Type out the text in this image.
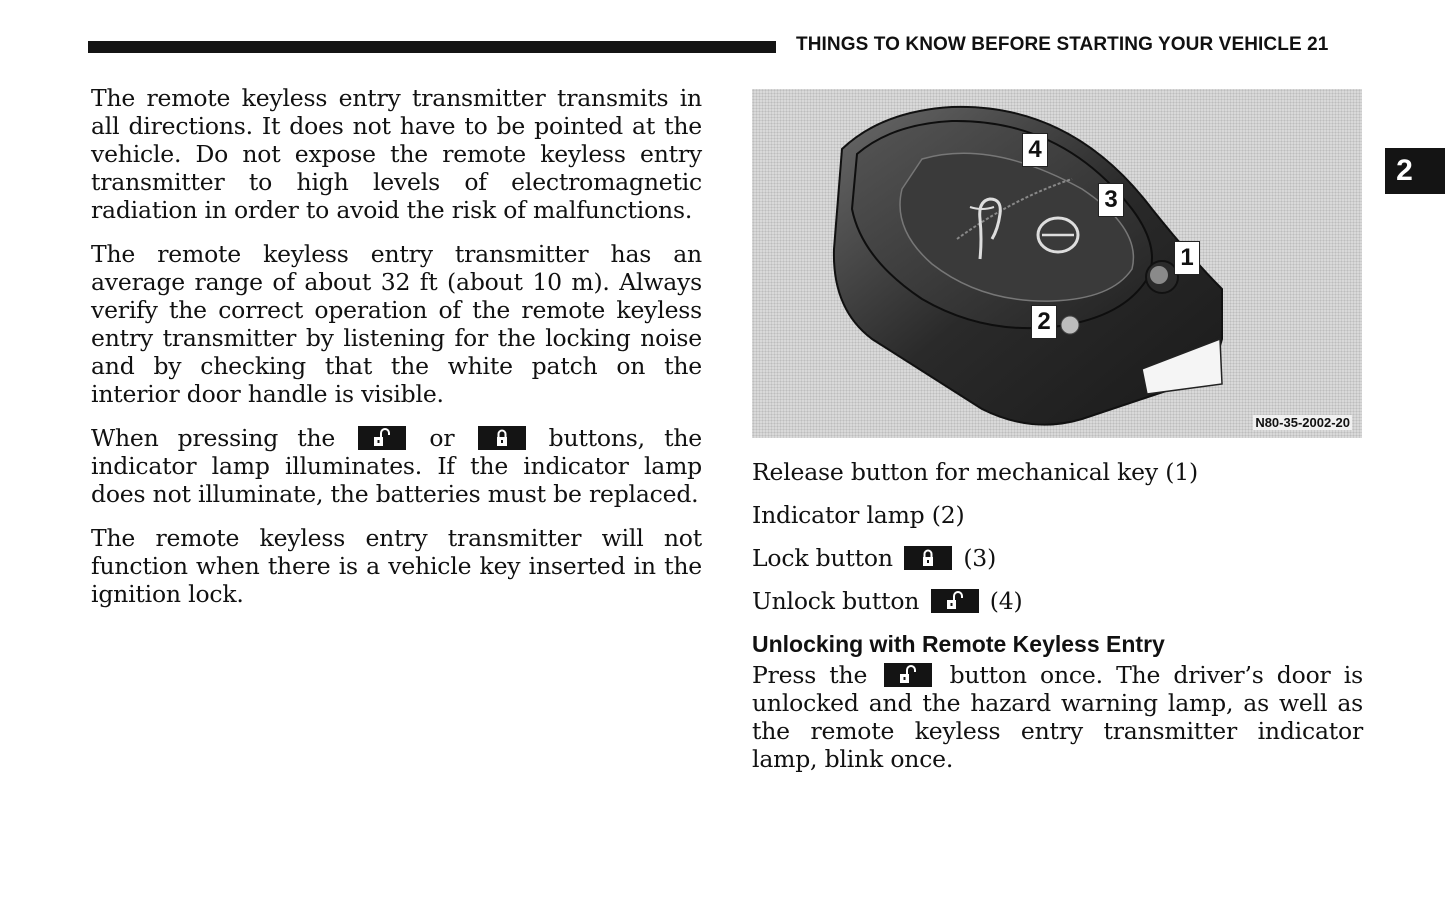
THINGS TO KNOW BEFORE STARTING YOUR VEHICLE 21
2

The remote keyless entry transmitter transmits in all directions. It does not have to be pointed at the vehicle. Do not expose the remote keyless entry transmitter to high levels of electromagnetic radiation in order to avoid the risk of malfunctions.

The remote keyless entry transmitter has an average range of about 32 ft (about 10 m). Always verify the correct operation of the remote keyless entry transmitter by listening for the locking noise and by checking that the white patch on the interior door handle is visible.

When pressing the	or	buttons, the indicator lamp illuminates. If the indicator lamp does not illuminate, the batteries must be replaced.

The remote keyless entry transmitter will not function when there is a vehicle key inserted in the ignition lock.

4
3
1
2
N80-35-2002-20

Release button for mechanical key (1)

Indicator lamp (2)

Lock button	(3)

Unlock button	(4)

Unlocking with Remote Keyless Entry

Press the	button once. The driver’s door is unlocked and the hazard warning lamp, as well as the remote keyless entry transmitter indicator lamp, blink once.
